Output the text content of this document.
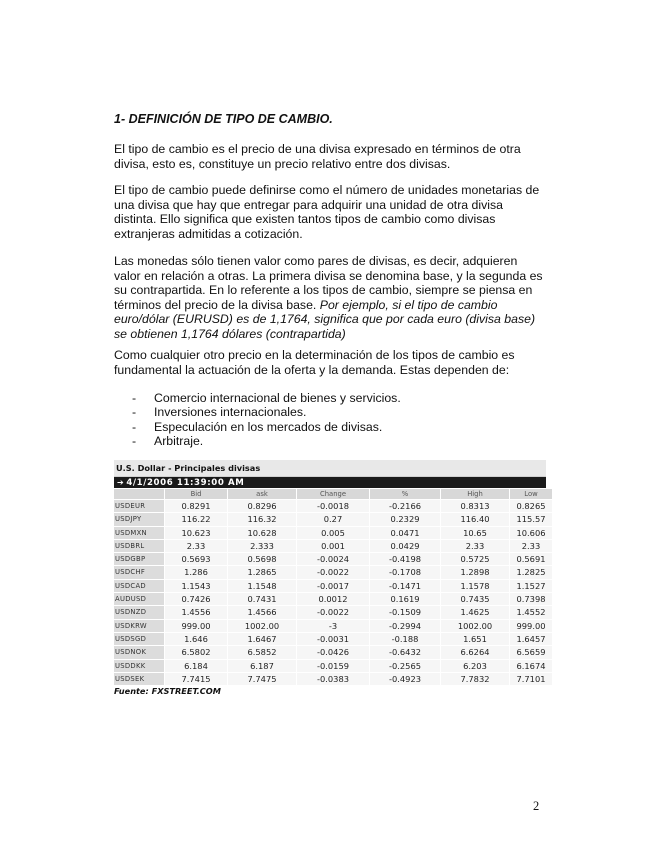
1- DEFINICIÓN DE TIPO DE CAMBIO.
El tipo de cambio es el precio de una divisa expresado en términos de otra divisa, esto es, constituye un precio relativo entre dos divisas.
El tipo de cambio puede definirse como el número de unidades monetarias de una divisa que hay que entregar para adquirir una unidad de otra divisa distinta. Ello significa que existen tantos tipos de cambio como divisas extranjeras admitidas a cotización.
Las monedas sólo tienen valor como pares de divisas, es decir, adquieren valor en relación a otras. La primera divisa se denomina base, y la segunda es su contrapartida. En lo referente a los tipos de cambio, siempre se piensa en términos del precio de la divisa base. Por ejemplo, si el tipo de cambio euro/dólar (EURUSD) es de 1,1764, significa que por cada euro (divisa base) se obtienen 1,1764 dólares (contrapartida)
Como cualquier otro precio en la determinación de los tipos de cambio es fundamental la actuación de la oferta y la demanda. Estas dependen de:
- Comercio internacional de bienes y servicios.
- Inversiones internacionales.
- Especulación en los mercados de divisas.
- Arbitraje.
U.S. Dollar - Principales divisas
➔ 4/1/2006 11:39:00 AM
	Bid	ask	Change	%	High	Low
USDEUR	0.8291	0.8296	-0.0018	-0.2166	0.8313	0.8265
USDJPY	116.22	116.32	0.27	0.2329	116.40	115.57
USDMXN	10.623	10.628	0.005	0.0471	10.65	10.606
USDBRL	2.33	2.333	0.001	0.0429	2.33	2.33
USDGBP	0.5693	0.5698	-0.0024	-0.4198	0.5725	0.5691
USDCHF	1.286	1.2865	-0.0022	-0.1708	1.2898	1.2825
USDCAD	1.1543	1.1548	-0.0017	-0.1471	1.1578	1.1527
AUDUSD	0.7426	0.7431	0.0012	0.1619	0.7435	0.7398
USDNZD	1.4556	1.4566	-0.0022	-0.1509	1.4625	1.4552
USDKRW	999.00	1002.00	-3	-0.2994	1002.00	999.00
USDSGD	1.646	1.6467	-0.0031	-0.188	1.651	1.6457
USDNOK	6.5802	6.5852	-0.0426	-0.6432	6.6264	6.5659
USDDKK	6.184	6.187	-0.0159	-0.2565	6.203	6.1674
USDSEK	7.7415	7.7475	-0.0383	-0.4923	7.7832	7.7101
Fuente: FXSTREET.COM
2
